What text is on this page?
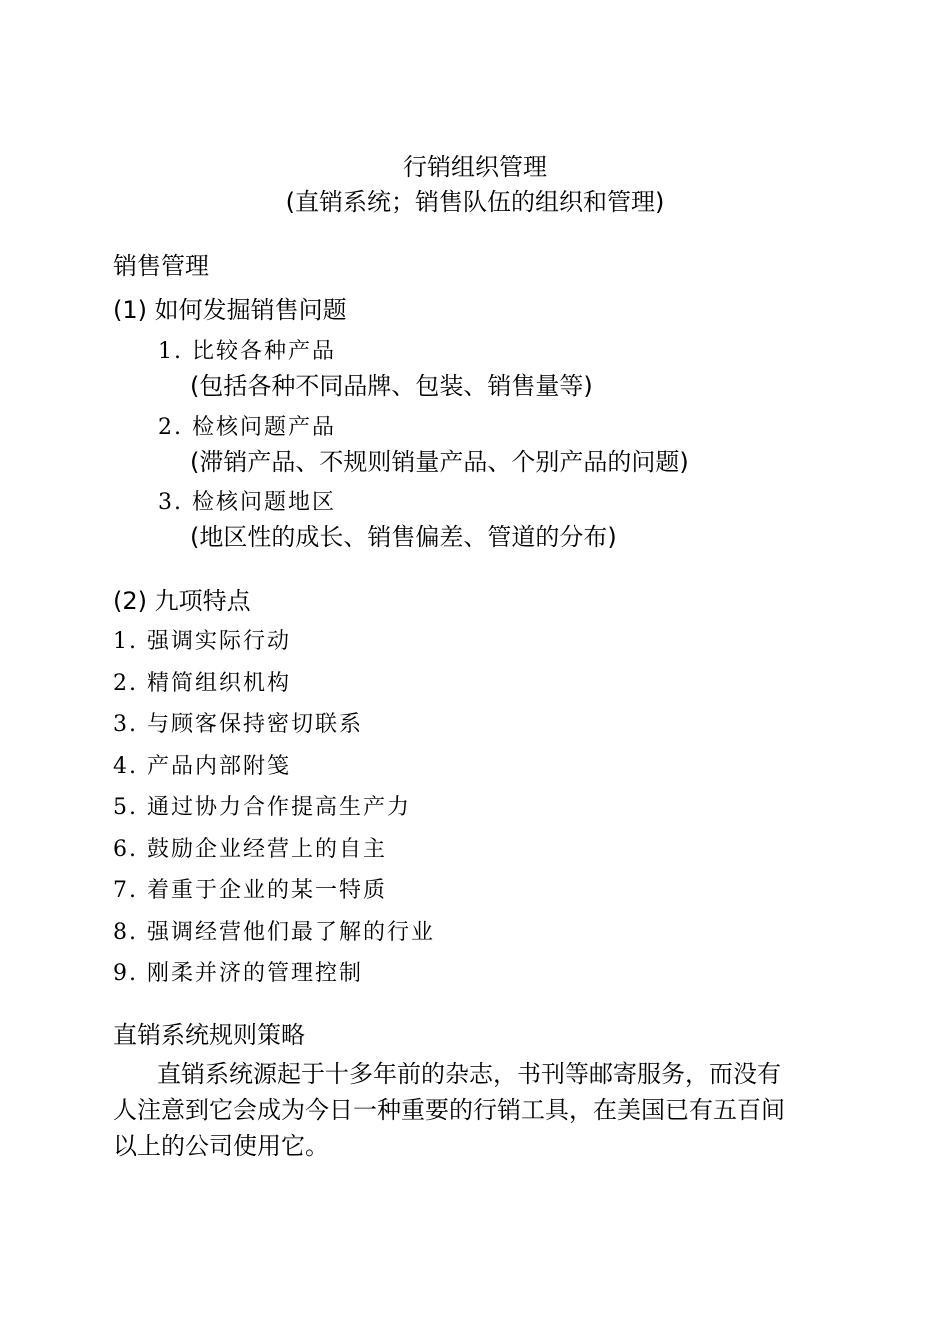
行销组织管理
(直销系统；销售队伍的组织和管理)
销售管理
(1) 如何发掘销售问题
1. 比较各种产品
(包括各种不同品牌、包装、销售量等)
2. 检核问题产品
(滞销产品、不规则销量产品、个别产品的问题)
3. 检核问题地区
(地区性的成长、销售偏差、管道的分布)
(2) 九项特点
1. 强调实际行动
2. 精简组织机构
3. 与顾客保持密切联系
4. 产品内部附笺
5. 通过协力合作提高生产力
6. 鼓励企业经营上的自主
7. 着重于企业的某一特质
8. 强调经营他们最了解的行业
9. 刚柔并济的管理控制
直销系统规则策略
直销系统源起于十多年前的杂志，书刊等邮寄服务，而没有人注意到它会成为今日一种重要的行销工具，在美国已有五百间以上的公司使用它。
